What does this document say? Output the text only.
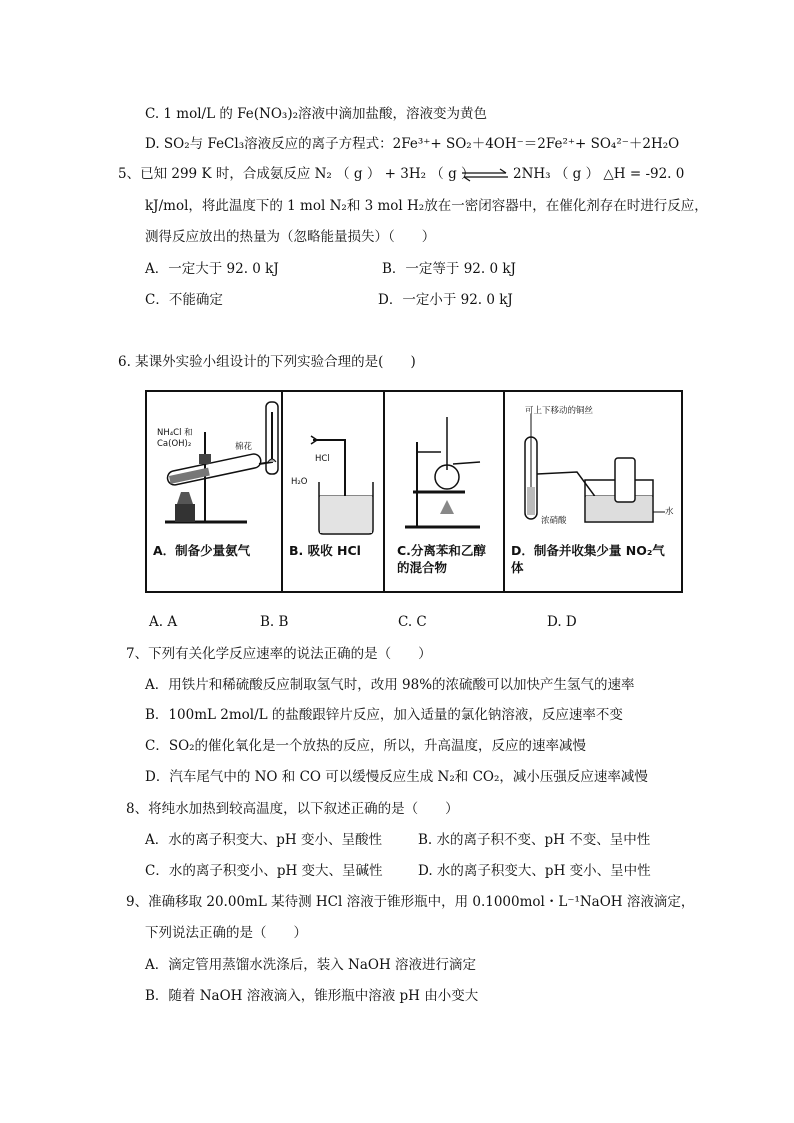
C. 1 mol/L 的 Fe(NO₃)₂溶液中滴加盐酸，溶液变为黄色
D. SO₂与 FeCl₃溶液反应的离子方程式：2Fe³⁺+ SO₂＋4OH⁻＝2Fe²⁺+ SO₄²⁻＋2H₂O
5、已知 299 K 时，合成氨反应 N₂ （ g ） + 3H₂ （ g ） ⇌ 2NH₃ （ g ） △H = -92. 0
kJ/mol，将此温度下的 1 mol N₂和 3 mol H₂放在一密闭容器中，在催化剂存在时进行反应，
测得反应放出的热量为（忽略能量损失）（　　）
A．一定大于 92. 0 kJ	B．一定等于 92. 0 kJ
C．不能确定	D．一定小于 92. 0 kJ
6. 某课外实验小组设计的下列实验合理的是(　　)
NH₄Cl 和
Ca(OH)₂	棉花
A．制备少量氨气
HCl
H₂O
B. 吸收 HCl	C.分离苯和乙醇的混合物
可上下移动的铜丝
浓硝酸
水
D．制备并收集少量 NO₂气体
A. A	B. B	C. C	D. D
7、下列有关化学反应速率的说法正确的是（　　）
A．用铁片和稀硫酸反应制取氢气时，改用 98%的浓硫酸可以加快产生氢气的速率
B．100mL 2mol/L 的盐酸跟锌片反应，加入适量的氯化钠溶液，反应速率不变
C．SO₂的催化氧化是一个放热的反应，所以，升高温度，反应的速率减慢
D．汽车尾气中的 NO 和 CO 可以缓慢反应生成 N₂和 CO₂，减小压强反应速率减慢
8、将纯水加热到较高温度，以下叙述正确的是（　　）
A．水的离子积变大、pH 变小、呈酸性	B. 水的离子积不变、pH 不变、呈中性
C．水的离子积变小、pH 变大、呈碱性	D. 水的离子积变大、pH 变小、呈中性
9、准确移取 20.00mL 某待测 HCl 溶液于锥形瓶中，用 0.1000mol・L⁻¹NaOH 溶液滴定，
下列说法正确的是（　　）
A．滴定管用蒸馏水洗涤后，装入 NaOH 溶液进行滴定
B．随着 NaOH 溶液滴入，锥形瓶中溶液 pH 由小变大
